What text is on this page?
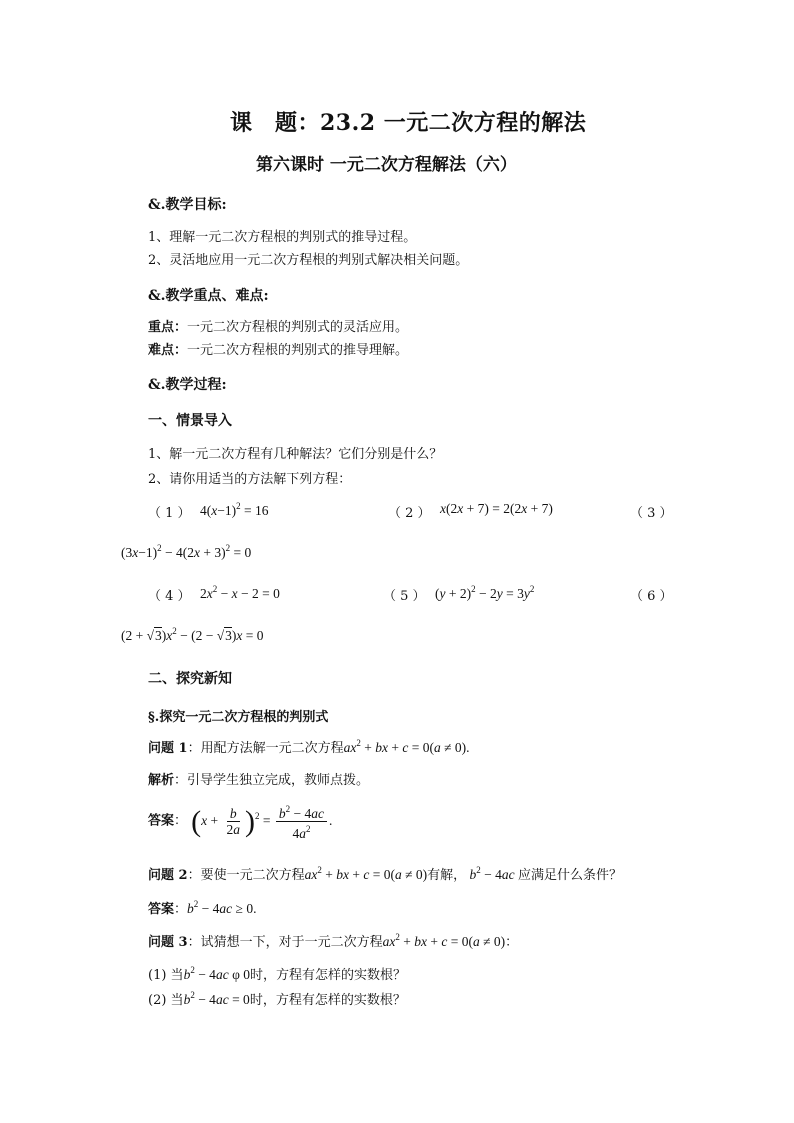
课　题：23.2 一元二次方程的解法
第六课时 一元二次方程解法（六）
&.教学目标:
1、理解一元二次方程根的判别式的推导过程。
2、灵活地应用一元二次方程根的判别式解决相关问题。
&.教学重点、难点:
重点：一元二次方程根的判别式的灵活应用。
难点：一元二次方程根的判别式的推导理解。
&.教学过程:
一、情景导入
1、解一元二次方程有几种解法？它们分别是什么？
2、请你用适当的方法解下列方程：
（ 1 ） $4(x-1)^2 = 16$	（ 2 ） x(2x + 7) = 2(2x + 7)	（ 3 ）
$(3x-1)^2 - 4(2x + 3)^2 = 0$
（ 4 ） $2x^2 - x - 2 = 0$	（ 5 ） $(y + 2)^2 - 2y = 3y^2$	（ 6 ）
$(2 + √3)x^2 - (2 - √3)x = 0$
二、探究新知
§.探究一元二次方程根的判别式
问题 1：用配方法解一元二次方程$ax^2$ + bx + c = 0(a ≠ 0).
解析：引导学生独立完成，教师点拨。
答案： $(x + \frac{b}{2a} )^2 = \frac{b^2 - 4ac}{4a^2}$ .
问题 2：要使一元二次方程$ax^2$ + bx + c = 0(a ≠ 0)有解， $b^2 - 4ac$ 应满足什么条件？
答案：$b^2 - 4ac \ge 0$.
问题 3：试猜想一下，对于一元二次方程$ax^2$ + bx + c = 0(a ≠ 0)：
(1) 当$b^2 - 4ac$ φ 0时，方程有怎样的实数根？
(2) 当$b^2 - 4ac = 0$时，方程有怎样的实数根？
